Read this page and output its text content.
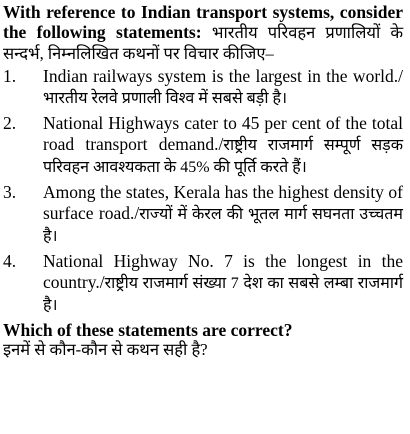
With reference to Indian transport systems, consider the following statements: भारतीय परिवहन प्रणालियों के सन्दर्भ, निम्नलिखित कथनों पर विचार कीजिए–
1.	Indian railways system is the largest in the world./भारतीय रेलवे प्रणाली विश्व में सबसे बड़ी है।
2.	National Highways cater to 45 per cent of the total road transport demand./राष्ट्रीय राजमार्ग सम्पूर्ण सड़क परिवहन आवश्यकता के 45% की पूर्ति करते हैं।
3.	Among the states, Kerala has the highest density of surface road./राज्यों में केरल की भूतल मार्ग सघनता उच्चतम है।
4.	National Highway No. 7 is the longest in the country./राष्ट्रीय राजमार्ग संख्या 7 देश का सबसे लम्बा राजमार्ग है।
Which of these statements are correct?
इनमें से कौन-कौन से कथन सही है?
